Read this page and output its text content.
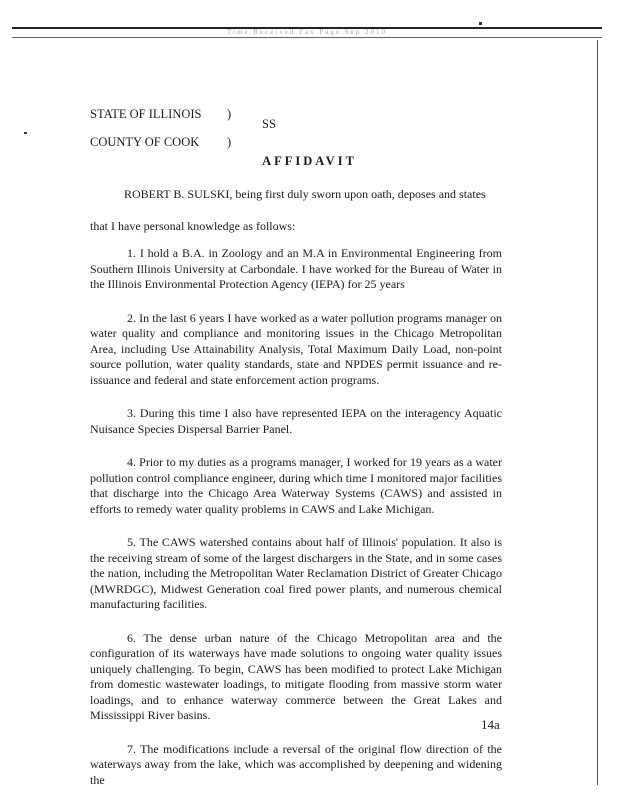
Time Received Fax Page Sep 2010
STATE OF ILLINOIS )
SS
COUNTY OF COOK )
AFFIDAVIT

ROBERT B. SULSKI, being first duly sworn upon oath, deposes and states that I have personal knowledge as follows:

1. I hold a B.A. in Zoology and an M.A in Environmental Engineering from Southern Illinois University at Carbondale. I have worked for the Bureau of Water in the Illinois Environmental Protection Agency (IEPA) for 25 years

2. In the last 6 years I have worked as a water pollution programs manager on water quality and compliance and monitoring issues in the Chicago Metropolitan Area, including Use Attainability Analysis, Total Maximum Daily Load, non-point source pollution, water quality standards, state and NPDES permit issuance and re-issuance and federal and state enforcement action programs.

3. During this time I also have represented IEPA on the interagency Aquatic Nuisance Species Dispersal Barrier Panel.

4. Prior to my duties as a programs manager, I worked for 19 years as a water pollution control compliance engineer, during which time I monitored major facilities that discharge into the Chicago Area Waterway Systems (CAWS) and assisted in efforts to remedy water quality problems in CAWS and Lake Michigan.

5. The CAWS watershed contains about half of Illinois' population. It also is the receiving stream of some of the largest dischargers in the State, and in some cases the nation, including the Metropolitan Water Reclamation District of Greater Chicago (MWRDGC), Midwest Generation coal fired power plants, and numerous chemical manufacturing facilities.

6. The dense urban nature of the Chicago Metropolitan area and the configuration of its waterways have made solutions to ongoing water quality issues uniquely challenging. To begin, CAWS has been modified to protect Lake Michigan from domestic wastewater loadings, to mitigate flooding from massive storm water loadings, and to enhance waterway commerce between the Great Lakes and Mississippi River basins.

7. The modifications include a reversal of the original flow direction of the waterways away from the lake, which was accomplished by deepening and widening the

14a
